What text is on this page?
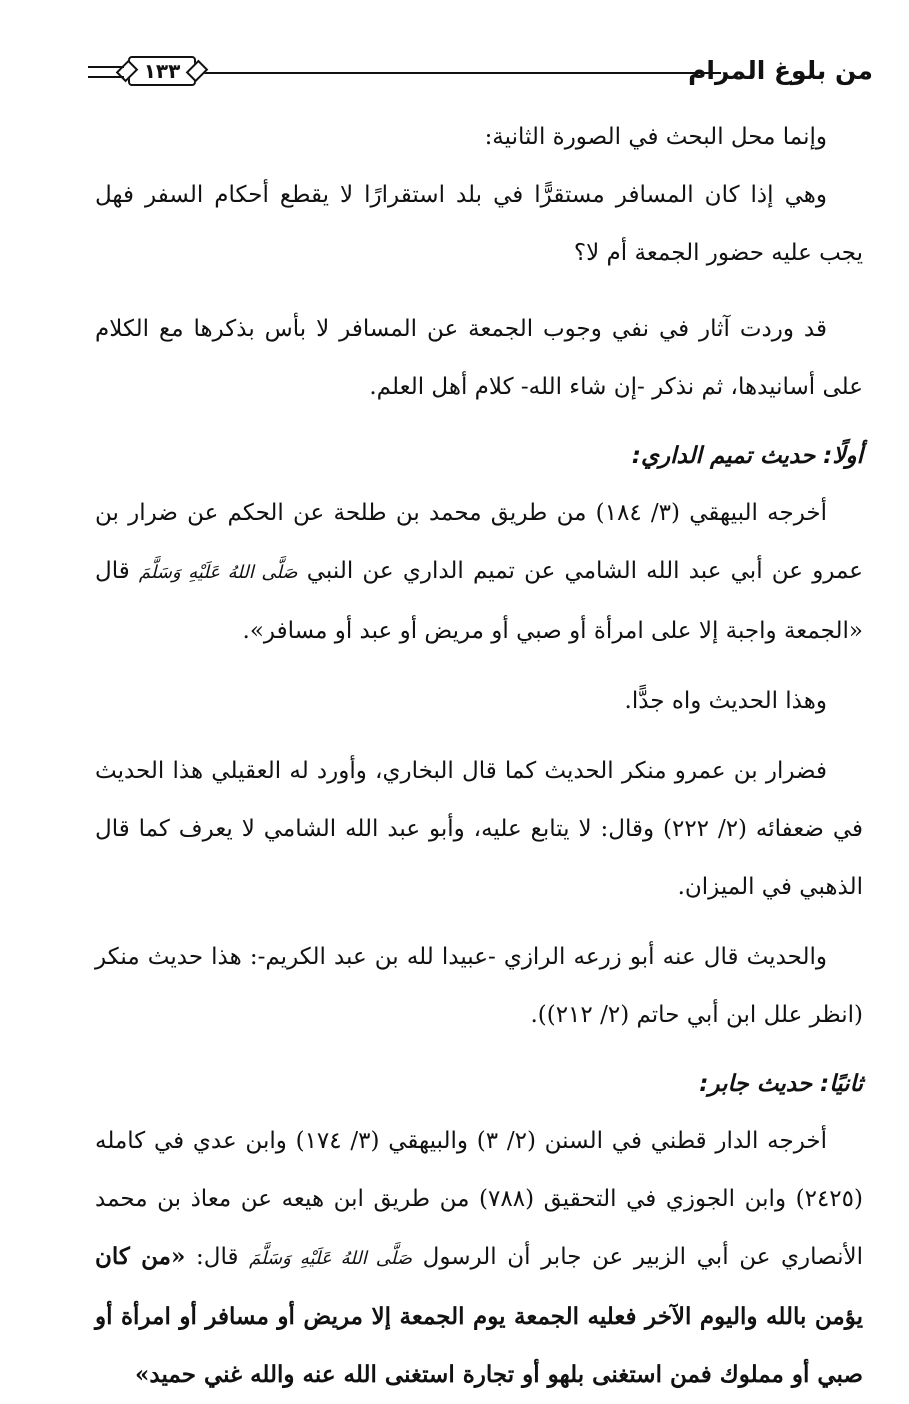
من بلوغ المرام
١٣٣

وإنما محل البحث في الصورة الثانية:

وهي إذا كان المسافر مستقرًّا في بلد استقرارًا لا يقطع أحكام السفر فهل يجب عليه حضور الجمعة أم لا؟

قد وردت آثار في نفي وجوب الجمعة عن المسافر لا بأس بذكرها مع الكلام على أسانيدها، ثم نذكر -إن شاء الله- كلام أهل العلم.

أولًا: حديث تميم الداري:

أخرجه البيهقي (٣/ ١٨٤) من طريق محمد بن طلحة عن الحكم عن ضرار بن عمرو عن أبي عبد الله الشامي عن تميم الداري عن النبي صَلَّى اللهُ عَلَيْهِ وَسَلَّمَ قال «الجمعة واجبة إلا على امرأة أو صبي أو مريض أو عبد أو مسافر».

وهذا الحديث واه جدًّا.

فضرار بن عمرو منكر الحديث كما قال البخاري، وأورد له العقيلي هذا الحديث في ضعفائه (٢/ ٢٢٢) وقال: لا يتابع عليه، وأبو عبد الله الشامي لا يعرف كما قال الذهبي في الميزان.

والحديث قال عنه أبو زرعه الرازي -عبيدا لله بن عبد الكريم-: هذا حديث منكر (انظر علل ابن أبي حاتم (٢/ ٢١٢)).

ثانيًا: حديث جابر:

أخرجه الدار قطني في السنن (٢/ ٣) والبيهقي (٣/ ١٧٤) وابن عدي في كامله (٢٤٢٥) وابن الجوزي في التحقيق (٧٨٨) من طريق ابن هيعه عن معاذ بن محمد الأنصاري عن أبي الزبير عن جابر أن الرسول صَلَّى اللهُ عَلَيْهِ وَسَلَّمَ قال: «من كان يؤمن بالله واليوم الآخر فعليه الجمعة يوم الجمعة إلا مريض أو مسافر أو امرأة أو صبي أو مملوك فمن استغنى بلهو أو تجارة استغنى الله عنه والله غني حميد»
